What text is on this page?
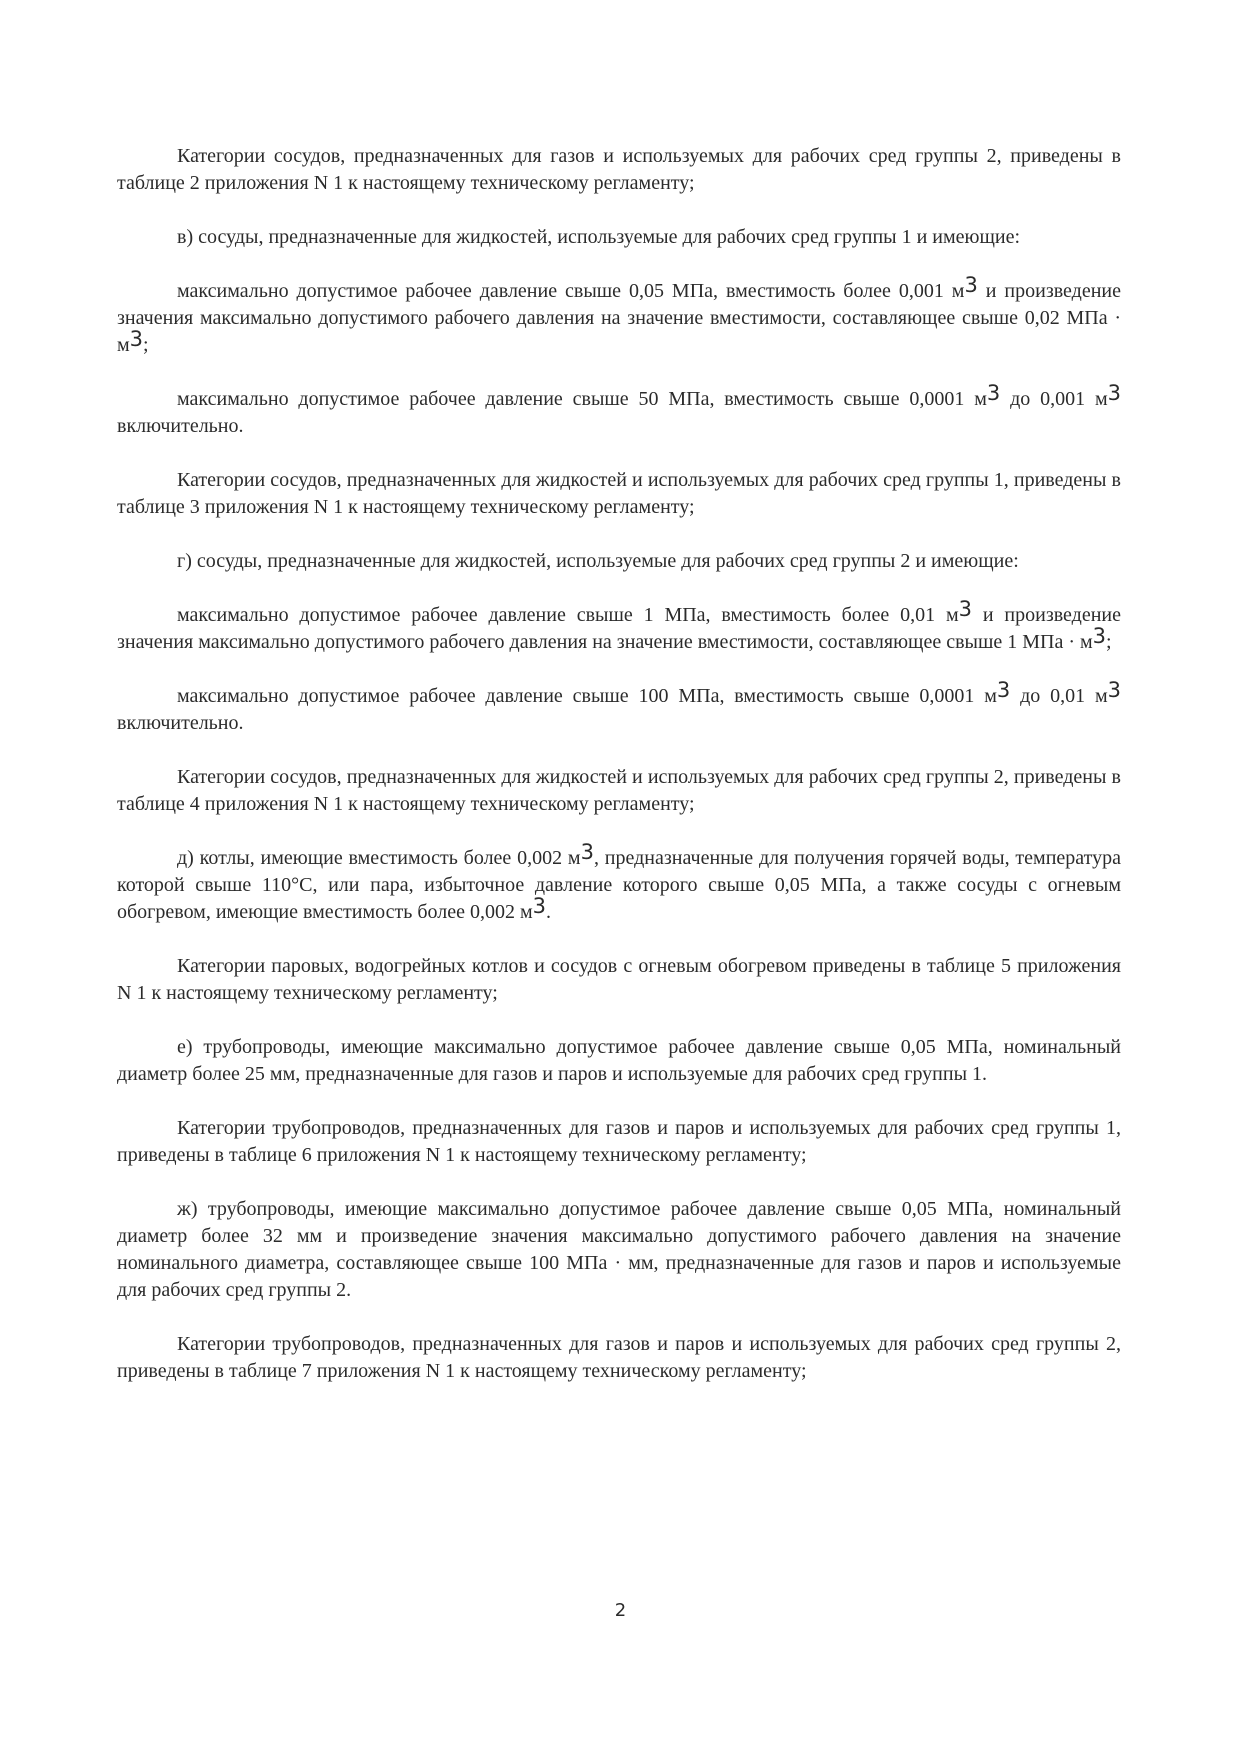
Категории сосудов, предназначенных для газов и используемых для рабочих сред группы 2, приведены в таблице 2 приложения N 1 к настоящему техническому регламенту;

в) сосуды, предназначенные для жидкостей, используемые для рабочих сред группы 1 и имеющие:

максимально допустимое рабочее давление свыше 0,05 МПа, вместимость более 0,001 м3 и произведение значения максимально допустимого рабочего давления на значение вместимости, составляющее свыше 0,02 МПа · м3;

максимально допустимое рабочее давление свыше 50 МПа, вместимость свыше 0,0001 м3 до 0,001 м3 включительно.

Категории сосудов, предназначенных для жидкостей и используемых для рабочих сред группы 1, приведены в таблице 3 приложения N 1 к настоящему техническому регламенту;

г) сосуды, предназначенные для жидкостей, используемые для рабочих сред группы 2 и имеющие:

максимально допустимое рабочее давление свыше 1 МПа, вместимость более 0,01 м3 и произведение значения максимально допустимого рабочего давления на значение вместимости, составляющее свыше 1 МПа · м3;

максимально допустимое рабочее давление свыше 100 МПа, вместимость свыше 0,0001 м3 до 0,01 м3 включительно.

Категории сосудов, предназначенных для жидкостей и используемых для рабочих сред группы 2, приведены в таблице 4 приложения N 1 к настоящему техническому регламенту;

д) котлы, имеющие вместимость более 0,002 м3, предназначенные для получения горячей воды, температура которой свыше 110°С, или пара, избыточное давление которого свыше 0,05 МПа, а также сосуды с огневым обогревом, имеющие вместимость более 0,002 м3.

Категории паровых, водогрейных котлов и сосудов с огневым обогревом приведены в таблице 5 приложения N 1 к настоящему техническому регламенту;

е) трубопроводы, имеющие максимально допустимое рабочее давление свыше 0,05 МПа, номинальный диаметр более 25 мм, предназначенные для газов и паров и используемые для рабочих сред группы 1.

Категории трубопроводов, предназначенных для газов и паров и используемых для рабочих сред группы 1, приведены в таблице 6 приложения N 1 к настоящему техническому регламенту;

ж) трубопроводы, имеющие максимально допустимое рабочее давление свыше 0,05 МПа, номинальный диаметр более 32 мм и произведение значения максимально допустимого рабочего давления на значение номинального диаметра, составляющее свыше 100 МПа · мм, предназначенные для газов и паров и используемые для рабочих сред группы 2.

Категории трубопроводов, предназначенных для газов и паров и используемых для рабочих сред группы 2, приведены в таблице 7 приложения N 1 к настоящему техническому регламенту;

2
